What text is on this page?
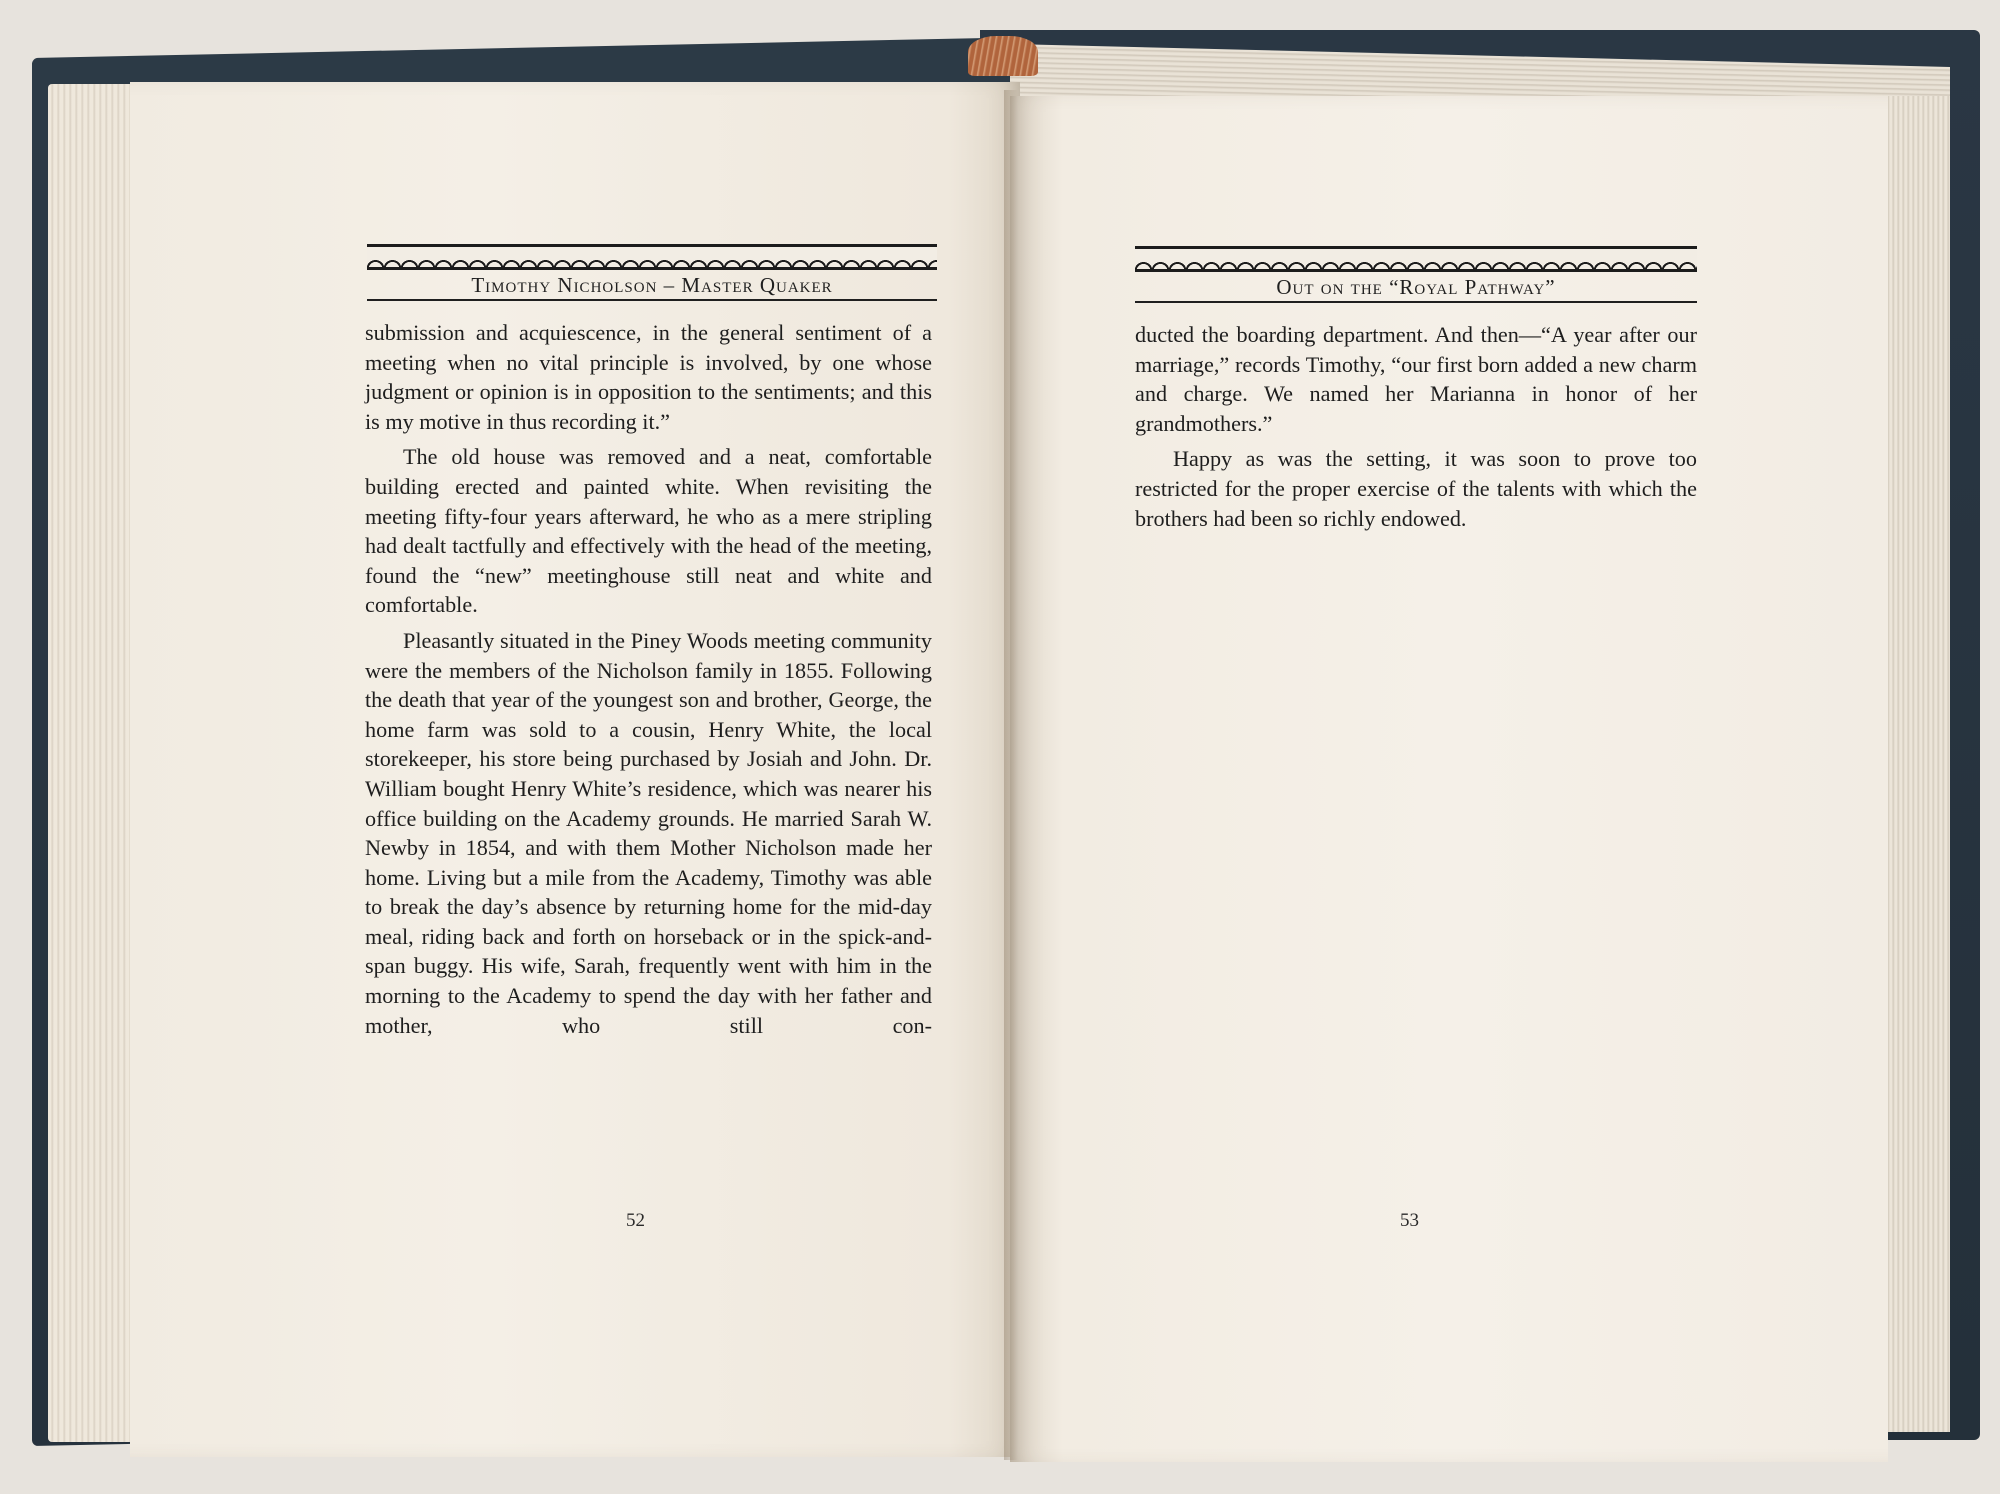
Timothy Nicholson – Master Quaker

submission and acquiescence, in the general sentiment of a meeting when no vital principle is involved, by one whose judgment or opinion is in opposition to the sentiments; and this is my motive in thus recording it.”

The old house was removed and a neat, comfortable building erected and painted white. When revisiting the meeting fifty-four years afterward, he who as a mere stripling had dealt tactfully and effectively with the head of the meeting, found the “new” meetinghouse still neat and white and comfortable.

Pleasantly situated in the Piney Woods meeting community were the members of the Nicholson family in 1855. Following the death that year of the youngest son and brother, George, the home farm was sold to a cousin, Henry White, the local storekeeper, his store being purchased by Josiah and John. Dr. William bought Henry White’s residence, which was nearer his office building on the Academy grounds. He married Sarah W. Newby in 1854, and with them Mother Nicholson made her home. Living but a mile from the Academy, Timothy was able to break the day’s absence by returning home for the mid-day meal, riding back and forth on horseback or in the spick-and-span buggy. His wife, Sarah, frequently went with him in the morning to the Academy to spend the day with her father and mother, who still con-

52
Out on the “Royal Pathway”

ducted the boarding department. And then—“A year after our marriage,” records Timothy, “our first born added a new charm and charge. We named her Marianna in honor of her grandmothers.”

Happy as was the setting, it was soon to prove too restricted for the proper exercise of the talents with which the brothers had been so richly endowed.

53
